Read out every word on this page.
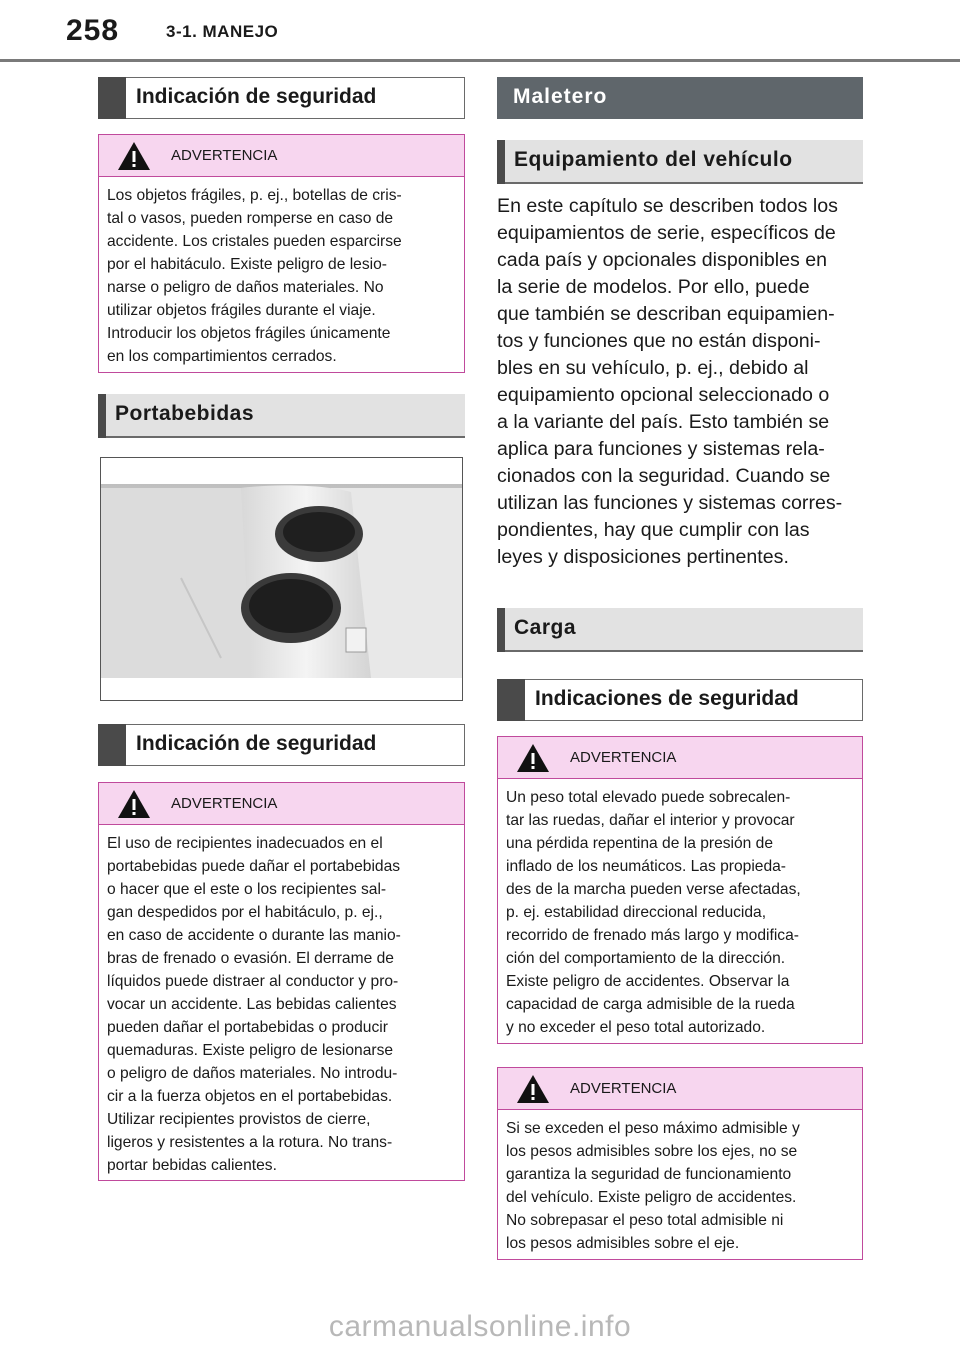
258	3-1. MANEJO
Indicación de seguridad
ADVERTENCIA
Los objetos frágiles, p. ej., botellas de cris-
tal o vasos, pueden romperse en caso de
accidente. Los cristales pueden esparcirse
por el habitáculo. Existe peligro de lesio-
narse o peligro de daños materiales. No
utilizar objetos frágiles durante el viaje.
Introducir los objetos frágiles únicamente
en los compartimientos cerrados.
Portabebidas
Indicación de seguridad
ADVERTENCIA
El uso de recipientes inadecuados en el
portabebidas puede dañar el portabebidas
o hacer que el este o los recipientes sal-
gan despedidos por el habitáculo, p. ej.,
en caso de accidente o durante las manio-
bras de frenado o evasión. El derrame de
líquidos puede distraer al conductor y pro-
vocar un accidente. Las bebidas calientes
pueden dañar el portabebidas o producir
quemaduras. Existe peligro de lesionarse
o peligro de daños materiales. No introdu-
cir a la fuerza objetos en el portabebidas.
Utilizar recipientes provistos de cierre,
ligeros y resistentes a la rotura. No trans-
portar bebidas calientes.
Maletero
Equipamiento del vehículo
En este capítulo se describen todos los
equipamientos de serie, específicos de
cada país y opcionales disponibles en
la serie de modelos. Por ello, puede
que también se describan equipamien-
tos y funciones que no están disponi-
bles en su vehículo, p. ej., debido al
equipamiento opcional seleccionado o
a la variante del país. Esto también se
aplica para funciones y sistemas rela-
cionados con la seguridad. Cuando se
utilizan las funciones y sistemas corres-
pondientes, hay que cumplir con las
leyes y disposiciones pertinentes.
Carga
Indicaciones de seguridad
ADVERTENCIA
Un peso total elevado puede sobrecalen-
tar las ruedas, dañar el interior y provocar
una pérdida repentina de la presión de
inflado de los neumáticos. Las propieda-
des de la marcha pueden verse afectadas,
p. ej. estabilidad direccional reducida,
recorrido de frenado más largo y modifica-
ción del comportamiento de la dirección.
Existe peligro de accidentes. Observar la
capacidad de carga admisible de la rueda
y no exceder el peso total autorizado.
ADVERTENCIA
Si se exceden el peso máximo admisible y
los pesos admisibles sobre los ejes, no se
garantiza la seguridad de funcionamiento
del vehículo. Existe peligro de accidentes.
No sobrepasar el peso total admisible ni
los pesos admisibles sobre el eje.
carmanualsonline.info
